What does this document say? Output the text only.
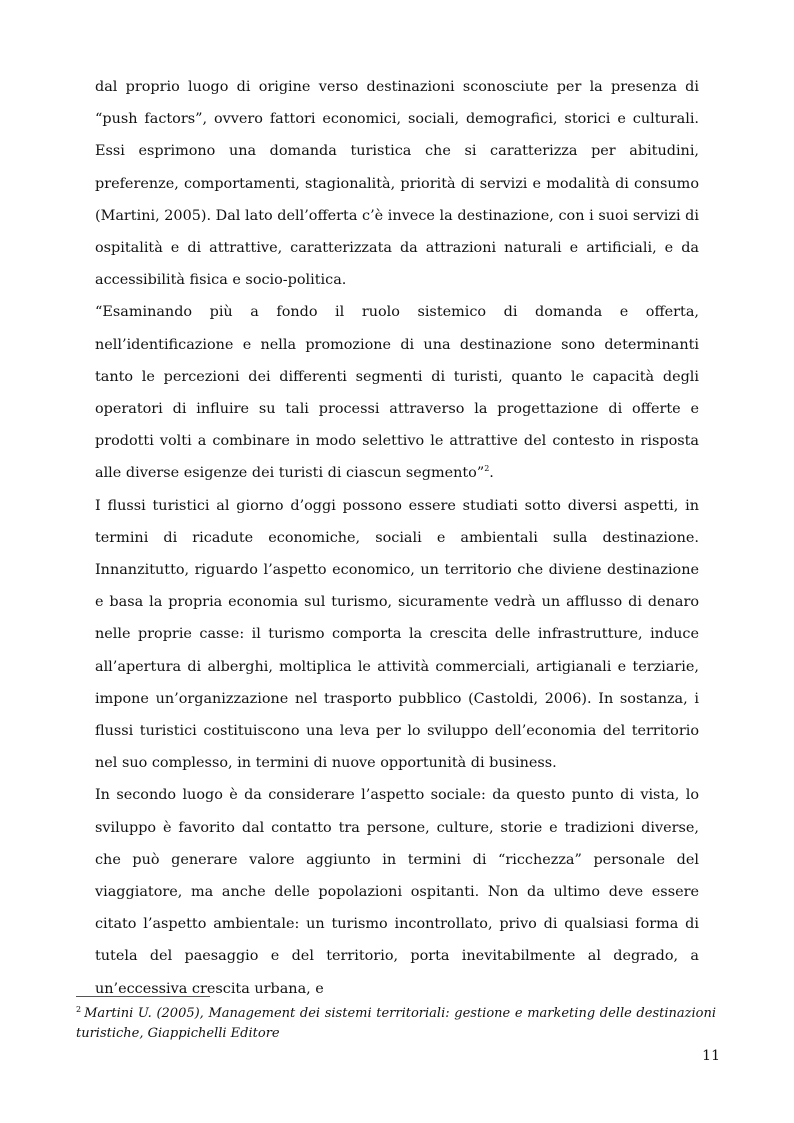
dal proprio luogo di origine verso destinazioni sconosciute per la presenza di “push factors”, ovvero fattori economici, sociali, demografici, storici e culturali. Essi esprimono una domanda turistica che si caratterizza per abitudini, preferenze, comportamenti, stagionalità, priorità di servizi e modalità di consumo (Martini, 2005). Dal lato dell’offerta c’è invece la destinazione, con i suoi servizi di ospitalità e di attrattive, caratterizzata da attrazioni naturali e artificiali, e da accessibilità fisica e socio-politica.

“Esaminando più a fondo il ruolo sistemico di domanda e offerta, nell’identificazione e nella promozione di una destinazione sono determinanti tanto le percezioni dei differenti segmenti di turisti, quanto le capacità degli operatori di influire su tali processi attraverso la progettazione di offerte e prodotti volti a combinare in modo selettivo le attrattive del contesto in risposta alle diverse esigenze dei turisti di ciascun segmento”$^2$.

I flussi turistici al giorno d’oggi possono essere studiati sotto diversi aspetti, in termini di ricadute economiche, sociali e ambientali sulla destinazione. Innanzitutto, riguardo l’aspetto economico, un territorio che diviene destinazione e basa la propria economia sul turismo, sicuramente vedrà un afflusso di denaro nelle proprie casse: il turismo comporta la crescita delle infrastrutture, induce all’apertura di alberghi, moltiplica le attività commerciali, artigianali e terziarie, impone un’organizzazione nel trasporto pubblico (Castoldi, 2006). In sostanza, i flussi turistici costituiscono una leva per lo sviluppo dell’economia del territorio nel suo complesso, in termini di nuove opportunità di business.

In secondo luogo è da considerare l’aspetto sociale: da questo punto di vista, lo sviluppo è favorito dal contatto tra persone, culture, storie e tradizioni diverse, che può generare valore aggiunto in termini di “ricchezza” personale del viaggiatore, ma anche delle popolazioni ospitanti. Non da ultimo deve essere citato l’aspetto ambientale: un turismo incontrollato, privo di qualsiasi forma di tutela del paesaggio e del territorio, porta inevitabilmente al degrado, a un’eccessiva crescita urbana, e

$^2$ Martini U. (2005), Management dei sistemi territoriali: gestione e marketing delle destinazioni turistiche, Giappichelli Editore
11
